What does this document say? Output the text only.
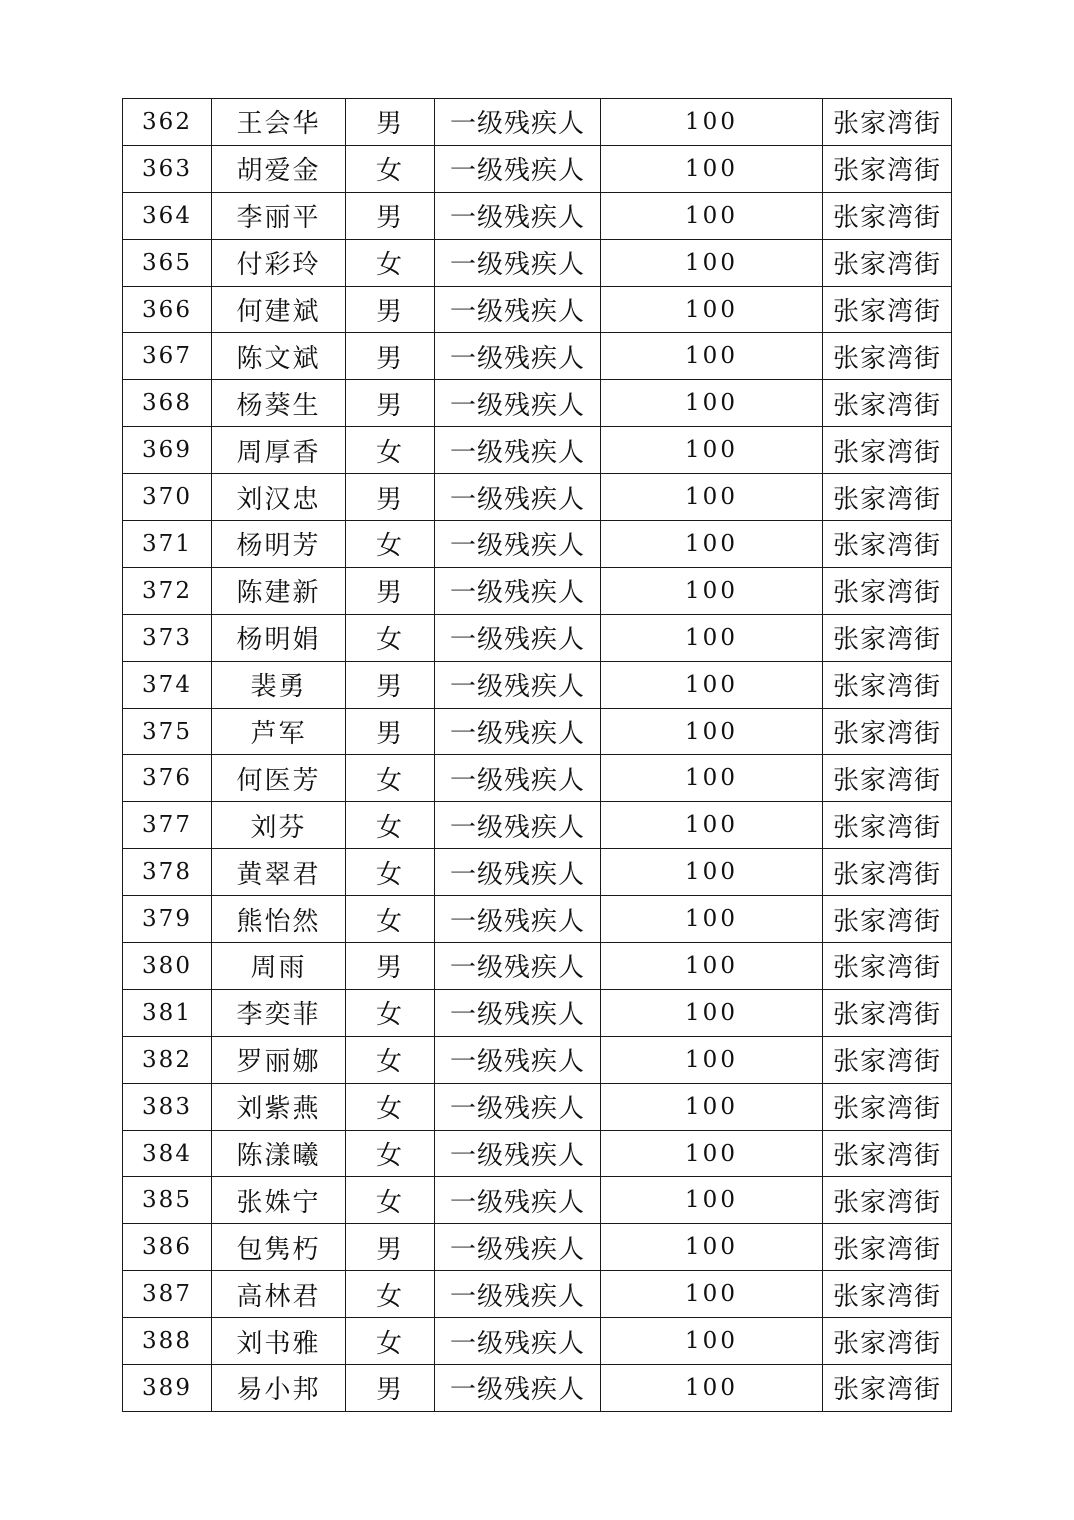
362	王会华	男	一级残疾人	100	张家湾街
363	胡爱金	女	一级残疾人	100	张家湾街
364	李丽平	男	一级残疾人	100	张家湾街
365	付彩玲	女	一级残疾人	100	张家湾街
366	何建斌	男	一级残疾人	100	张家湾街
367	陈文斌	男	一级残疾人	100	张家湾街
368	杨葵生	男	一级残疾人	100	张家湾街
369	周厚香	女	一级残疾人	100	张家湾街
370	刘汉忠	男	一级残疾人	100	张家湾街
371	杨明芳	女	一级残疾人	100	张家湾街
372	陈建新	男	一级残疾人	100	张家湾街
373	杨明娟	女	一级残疾人	100	张家湾街
374	裴勇	男	一级残疾人	100	张家湾街
375	芦军	男	一级残疾人	100	张家湾街
376	何医芳	女	一级残疾人	100	张家湾街
377	刘芬	女	一级残疾人	100	张家湾街
378	黄翠君	女	一级残疾人	100	张家湾街
379	熊怡然	女	一级残疾人	100	张家湾街
380	周雨	男	一级残疾人	100	张家湾街
381	李奕菲	女	一级残疾人	100	张家湾街
382	罗丽娜	女	一级残疾人	100	张家湾街
383	刘紫燕	女	一级残疾人	100	张家湾街
384	陈漾曦	女	一级残疾人	100	张家湾街
385	张姝宁	女	一级残疾人	100	张家湾街
386	包隽朽	男	一级残疾人	100	张家湾街
387	高林君	女	一级残疾人	100	张家湾街
388	刘书雅	女	一级残疾人	100	张家湾街
389	易小邦	男	一级残疾人	100	张家湾街
